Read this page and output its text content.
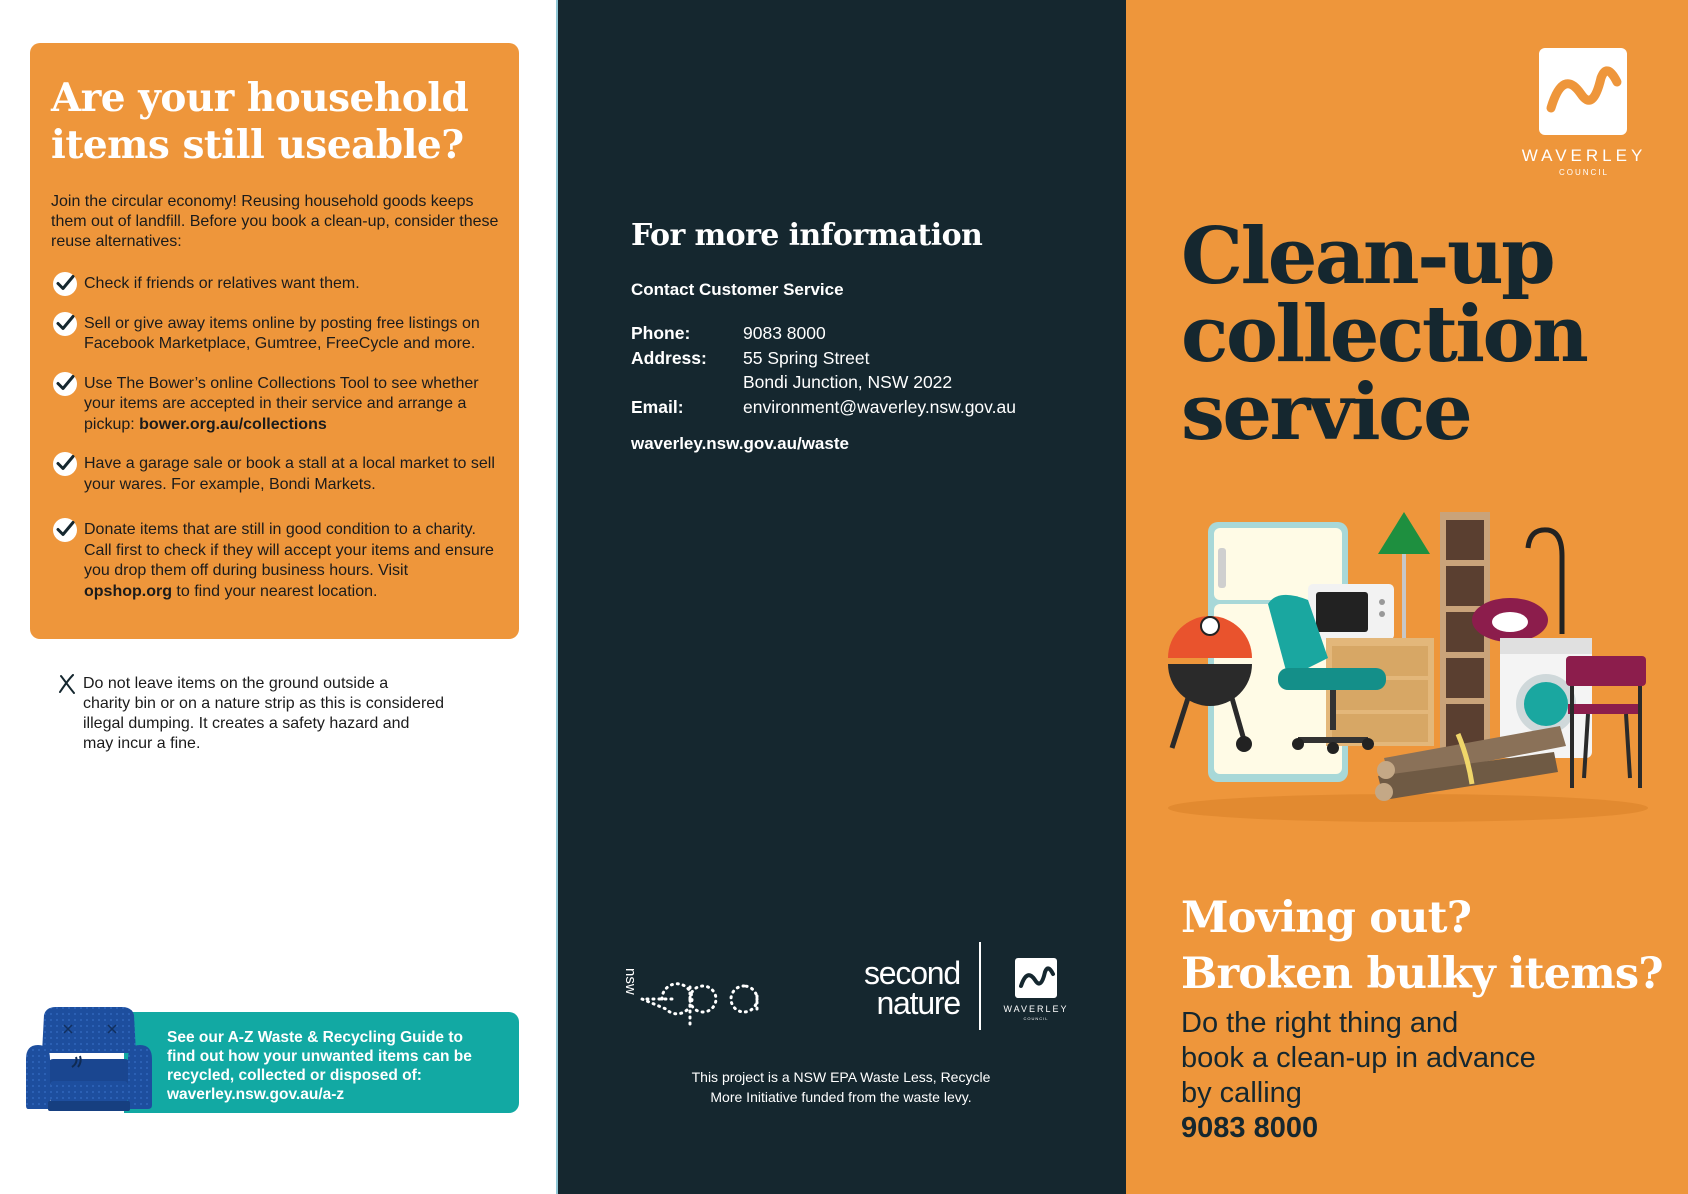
Are your household
items still useable?

Join the circular economy! Reusing household goods keeps them out of landfill. Before you book a clean-up, consider these reuse alternatives:

Check if friends or relatives want them.
Sell or give away items online by posting free listings on Facebook Marketplace, Gumtree, FreeCycle and more.
Use The Bower’s online Collections Tool to see whether your items are accepted in their service and arrange a pickup: bower.org.au/collections
Have a garage sale or book a stall at a local market to sell your wares. For example, Bondi Markets.
Donate items that are still in good condition to a charity. Call first to check if they will accept your items and ensure you drop them off during business hours. Visit opshop.org to find your nearest location.
Do not leave items on the ground outside a
charity bin or on a nature strip as this is considered
illegal dumping. It creates a safety hazard and
may incur a fine.
See our A-Z Waste & Recycling Guide to
find out how your unwanted items can be
recycled, collected or disposed of:
waverley.nsw.gov.au/a-z
For more information
Contact Customer Service
Phone:	9083 8000
Address:	55 Spring Street
Bondi Junction, NSW 2022
Email:	environment@waverley.nsw.gov.au
waverley.nsw.gov.au/waste
nsw	second
nature	WAVERLEY
COUNCIL
This project is a NSW EPA Waste Less, Recycle
More Initiative funded from the waste levy.
WAVERLEY
COUNCIL
Clean-up
collection
service
Moving out?
Broken bulky items?

Do the right thing and
book a clean-up in advance
by calling
9083 8000
